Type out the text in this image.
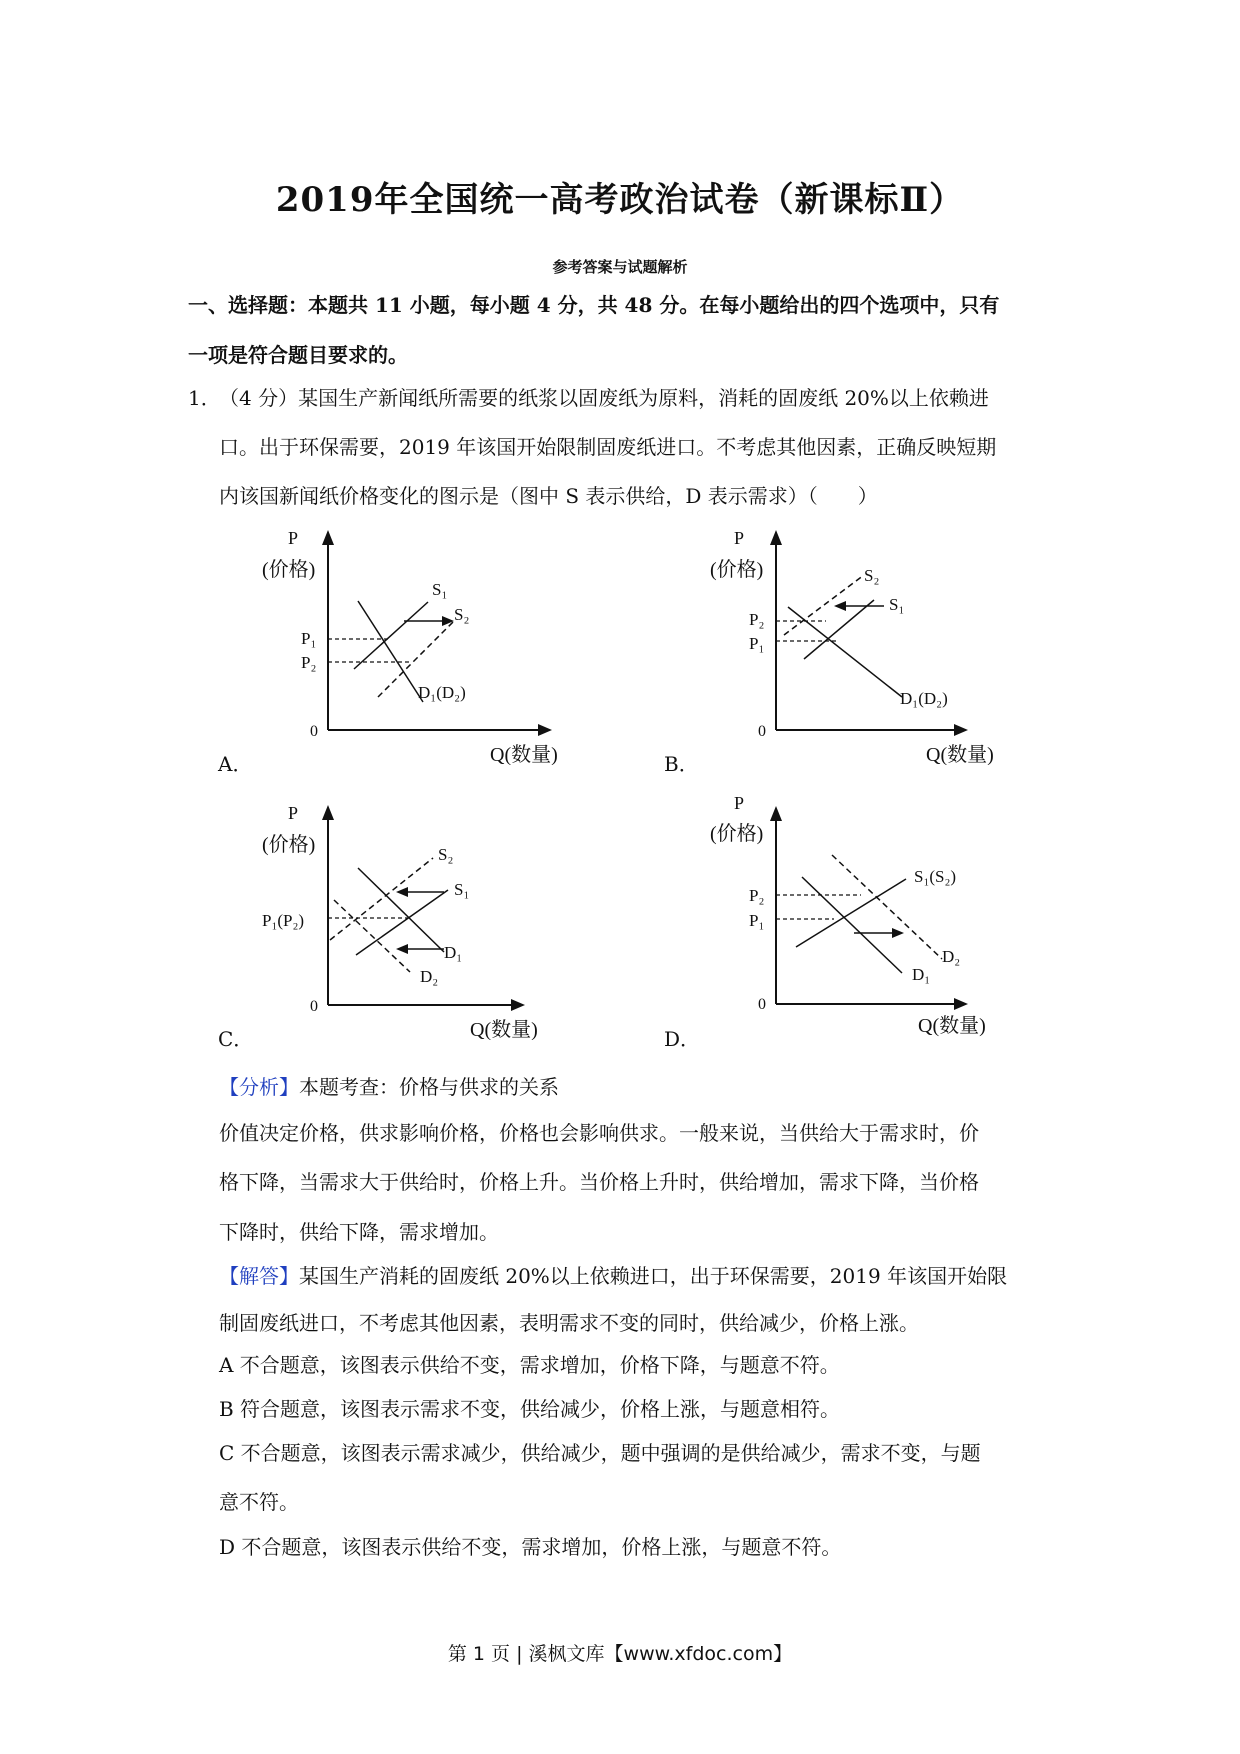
2019年全国统一高考政治试卷（新课标Ⅱ）
参考答案与试题解析
一、选择题：本题共 11 小题，每小题 4 分，共 48 分。在每小题给出的四个选项中，只有
一项是符合题目要求的。
1．
（4 分）某国生产新闻纸所需要的纸浆以固废纸为原料，消耗的固废纸 20%以上依赖进
口。出于环保需要，2019 年该国开始限制固废纸进口。不考虑其他因素，正确反映短期
内该国新闻纸价格变化的图示是（图中 S 表示供给，D 表示需求）（　　）
P
(价格)
0
Q(数量)
S₁
S₂
D₁(D₂)
P₁
P₂
A．
P
(价格)
0
Q(数量)
S₂
S₁
D₁(D₂)
P₂
P₁
B．
P
(价格)
0
Q(数量)
S₂
S₁
D₁
D₂
P₁(P₂)
C．
P
(价格)
0
Q(数量)
S₁(S₂)
D₂
D₁
P₂
P₁
D．
【分析】本题考查：价格与供求的关系
价值决定价格，供求影响价格，价格也会影响供求。一般来说，当供给大于需求时，价
格下降，当需求大于供给时，价格上升。当价格上升时，供给增加，需求下降，当价格
下降时，供给下降，需求增加。
【解答】某国生产消耗的固废纸 20%以上依赖进口，出于环保需要，2019 年该国开始限
制固废纸进口，不考虑其他因素，表明需求不变的同时，供给减少，价格上涨。
A 不合题意，该图表示供给不变，需求增加，价格下降，与题意不符。
B 符合题意，该图表示需求不变，供给减少，价格上涨，与题意相符。
C 不合题意，该图表示需求减少，供给减少，题中强调的是供给减少，需求不变，与题
意不符。
D 不合题意，该图表示供给不变，需求增加，价格上涨，与题意不符。
第 1 页 | 溪枫文库【www.xfdoc.com】
